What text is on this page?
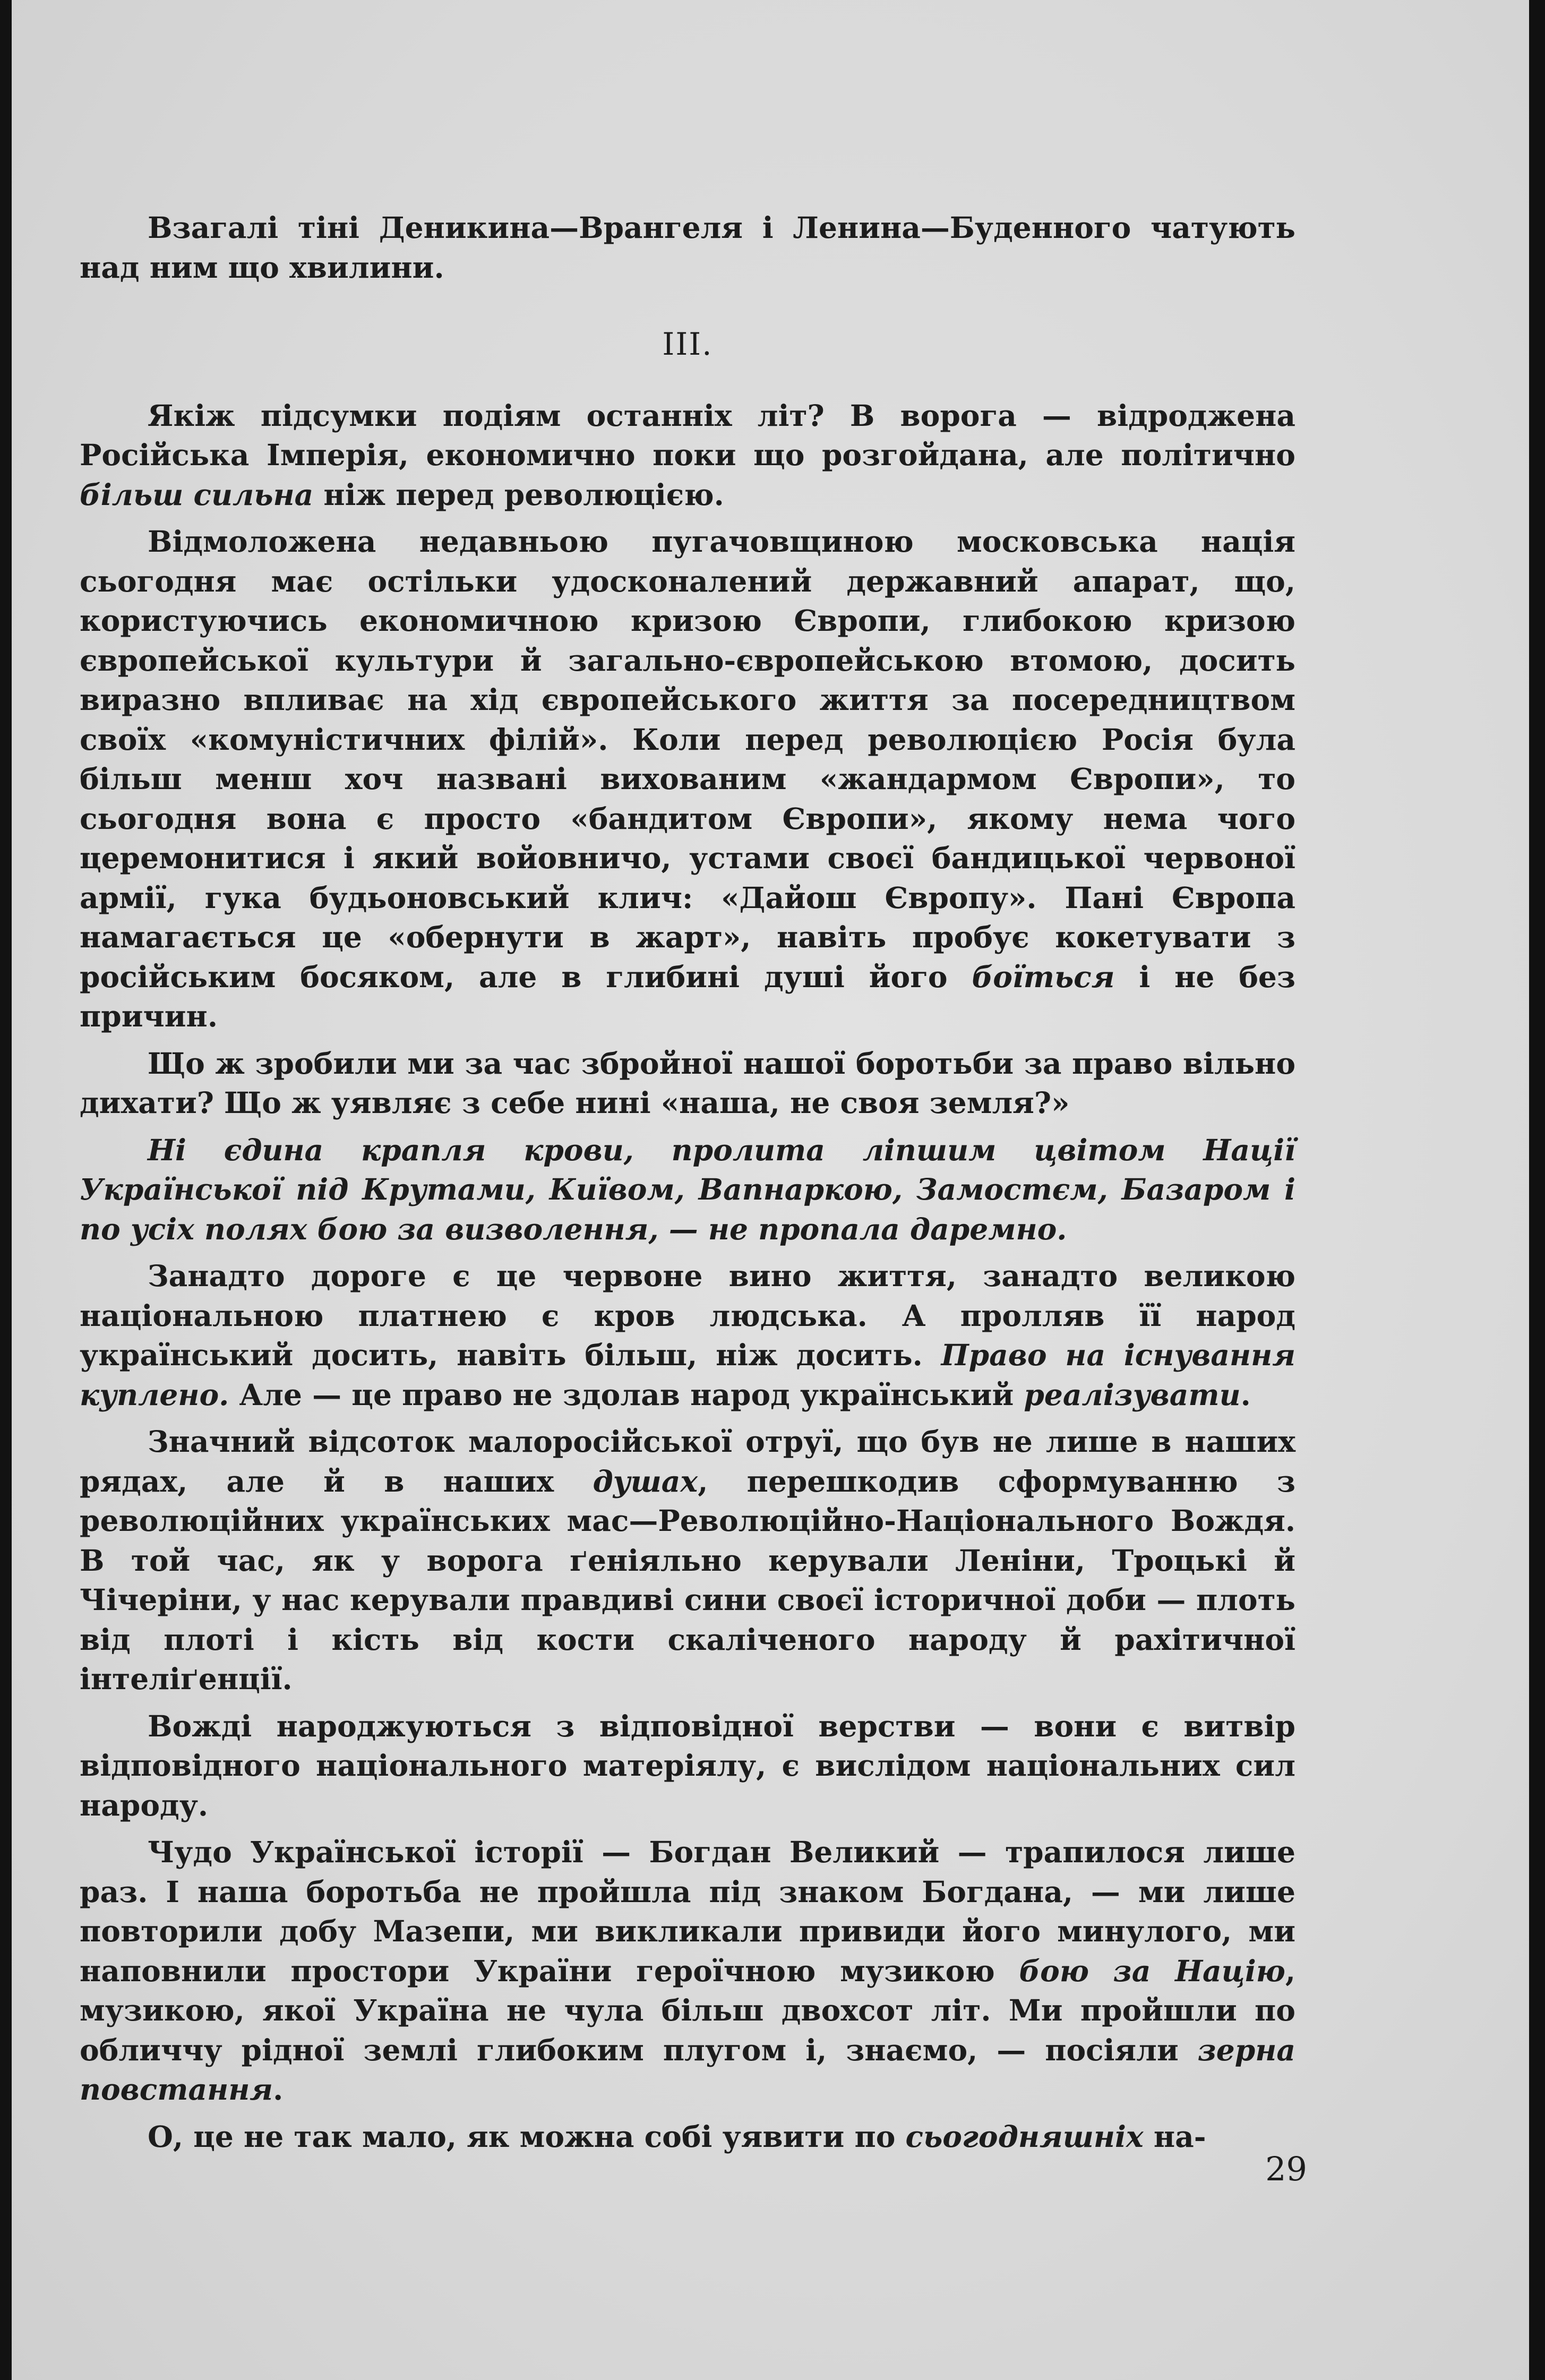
Взагалі тіні Деникина—Врангеля і Ленина—Буденного чатують над ним що хвилини.

III.

Якіж підсумки подіям останніх літ? В ворога — відроджена Російська Імперія, економично поки що розгойдана, але політично більш сильна ніж перед революцією.

Відмоложена недавньою пугачовщиною московська нація сьогодня має остільки удосконалений державний апарат, що, користуючись економичною кризою Європи, глибокою кризою європейської культури й загально-європейською втомою, досить виразно впливає на хід європейського життя за посередництвом своїх «комуністичних філій». Коли перед революцією Росія була більш менш хоч названі вихованим «жандармом Європи», то сьогодня вона є просто «бандитом Європи», якому нема чого церемонитися і який войовничо, устами своєї бандицької червоної армії, гука будьоновський клич: «Дайош Європу». Пані Європа намагається це «обернути в жарт», навіть пробує кокетувати з російським босяком, але в глибині душі його боїться і не без причин.

Що ж зробили ми за час збройної нашої боротьби за право вільно дихати? Що ж уявляє з себе нині «наша, не своя земля?»

Ні єдина крапля крови, пролита ліпшим цвітом Нації Української під Крутами, Київом, Вапнаркою, Замостєм, Базаром і по усіх полях бою за визволення, — не пропала даремно.

Занадто дороге є це червоне вино життя, занадто великою національною платнею є кров людська. А пролляв її народ український досить, навіть більш, ніж досить. Право на існування куплено. Але — це право не здолав народ український реалізувати.

Значний відсоток малоросійської отруї, що був не лише в наших рядах, але й в наших душах, перешкодив сформуванню з революційних українських мас—Революційно-Національного Вождя. В той час, як у ворога ґеніяльно керували Леніни, Троцькі й Чічеріни, у нас керували правдиві сини своєї історичної доби — плоть від плоті і кість від кости скаліченого народу й рахітичної інтеліґенції.

Вожді народжуються з відповідної верстви — вони є витвір відповідного національного матеріялу, є вислідом національних сил народу.

Чудо Української історії — Богдан Великий — трапилося лише раз. І наша боротьба не пройшла під знаком Богдана, — ми лише повторили добу Мазепи, ми викликали привиди його минулого, ми наповнили простори України героїчною музикою бою за Націю, музикою, якої Україна не чула більш двохсот літ. Ми пройшли по обличчу рідної землі глибоким плугом і, знаємо, — посіяли зерна повстання.

О, це не так мало, як можна собі уявити по сьогодняшніх на-

29
